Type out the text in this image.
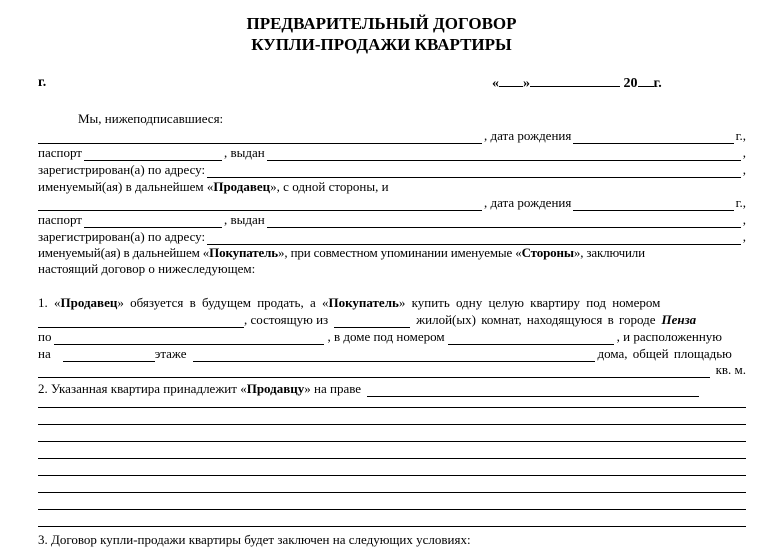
ПРЕДВАРИТЕЛЬНЫЙ ДОГОВОР
КУПЛИ-ПРОДАЖИ КВАРТИРЫ
г.	« »	20 г.
Мы, нижеподписавшиеся:
, дата рождения	г.,
паспорт	, выдан	,
зарегистрирован(а) по адресу:	,
именуемый(ая) в дальнейшем «Продавец», с одной стороны, и
, дата рождения	г.,
паспорт	, выдан	,
зарегистрирован(а) по адресу:	,
именуемый(ая) в дальнейшем «Покупатель», при совместном упоминании именуемые «Стороны», заключили
настоящий договор о нижеследующем:
1. «Продавец» обязуется в будущем продать, а «Покупатель» купить одну целую квартиру под номером
, состоящую из	жилой(ых) комнат, находящуюся в городе Пенза
по	, в доме под номером	, и расположенную
на	этаже	дома, общей площадью
кв. м.
2. Указанная квартира принадлежит « Продавцу » на праве
3. Договор купли-продажи квартиры будет заключен на следующих условиях:
